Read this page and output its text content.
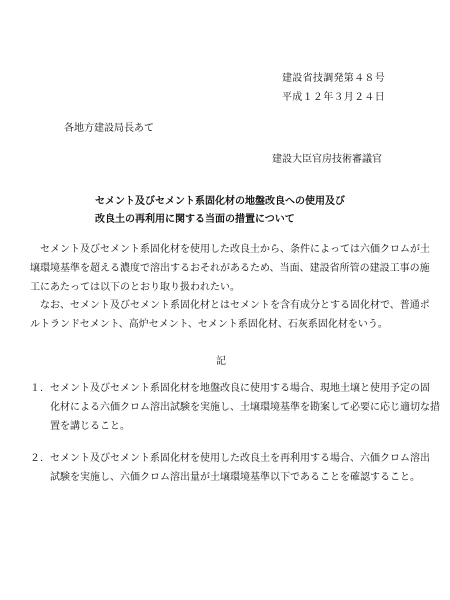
建設省技調発第４８号
平成１２年３月２４日
各地方建設局長あて
建設大臣官房技術審議官
セメント及びセメント系固化材の地盤改良への使用及び
改良土の再利用に関する当面の措置について
　セメント及びセメント系固化材を使用した改良土から、条件によっては六価クロムが土
壌環境基準を超える濃度で溶出するおそれがあるため、当面、建設省所管の建設工事の施
工にあたっては以下のとおり取り扱われたい。
　なお、セメント及びセメント系固化材とはセメントを含有成分とする固化材で、普通ポ
ルトランドセメント、高炉セメント、セメント系固化材、石灰系固化材をいう。
記
１．セメント及びセメント系固化材を地盤改良に使用する場合、現地土壌と使用予定の固
化材による六価クロム溶出試験を実施し、土壌環境基準を勘案して必要に応じ適切な措
置を講じること。
２．セメント及びセメント系固化材を使用した改良土を再利用する場合、六価クロム溶出
試験を実施し、六価クロム溶出量が土壌環境基準以下であることを確認すること。
